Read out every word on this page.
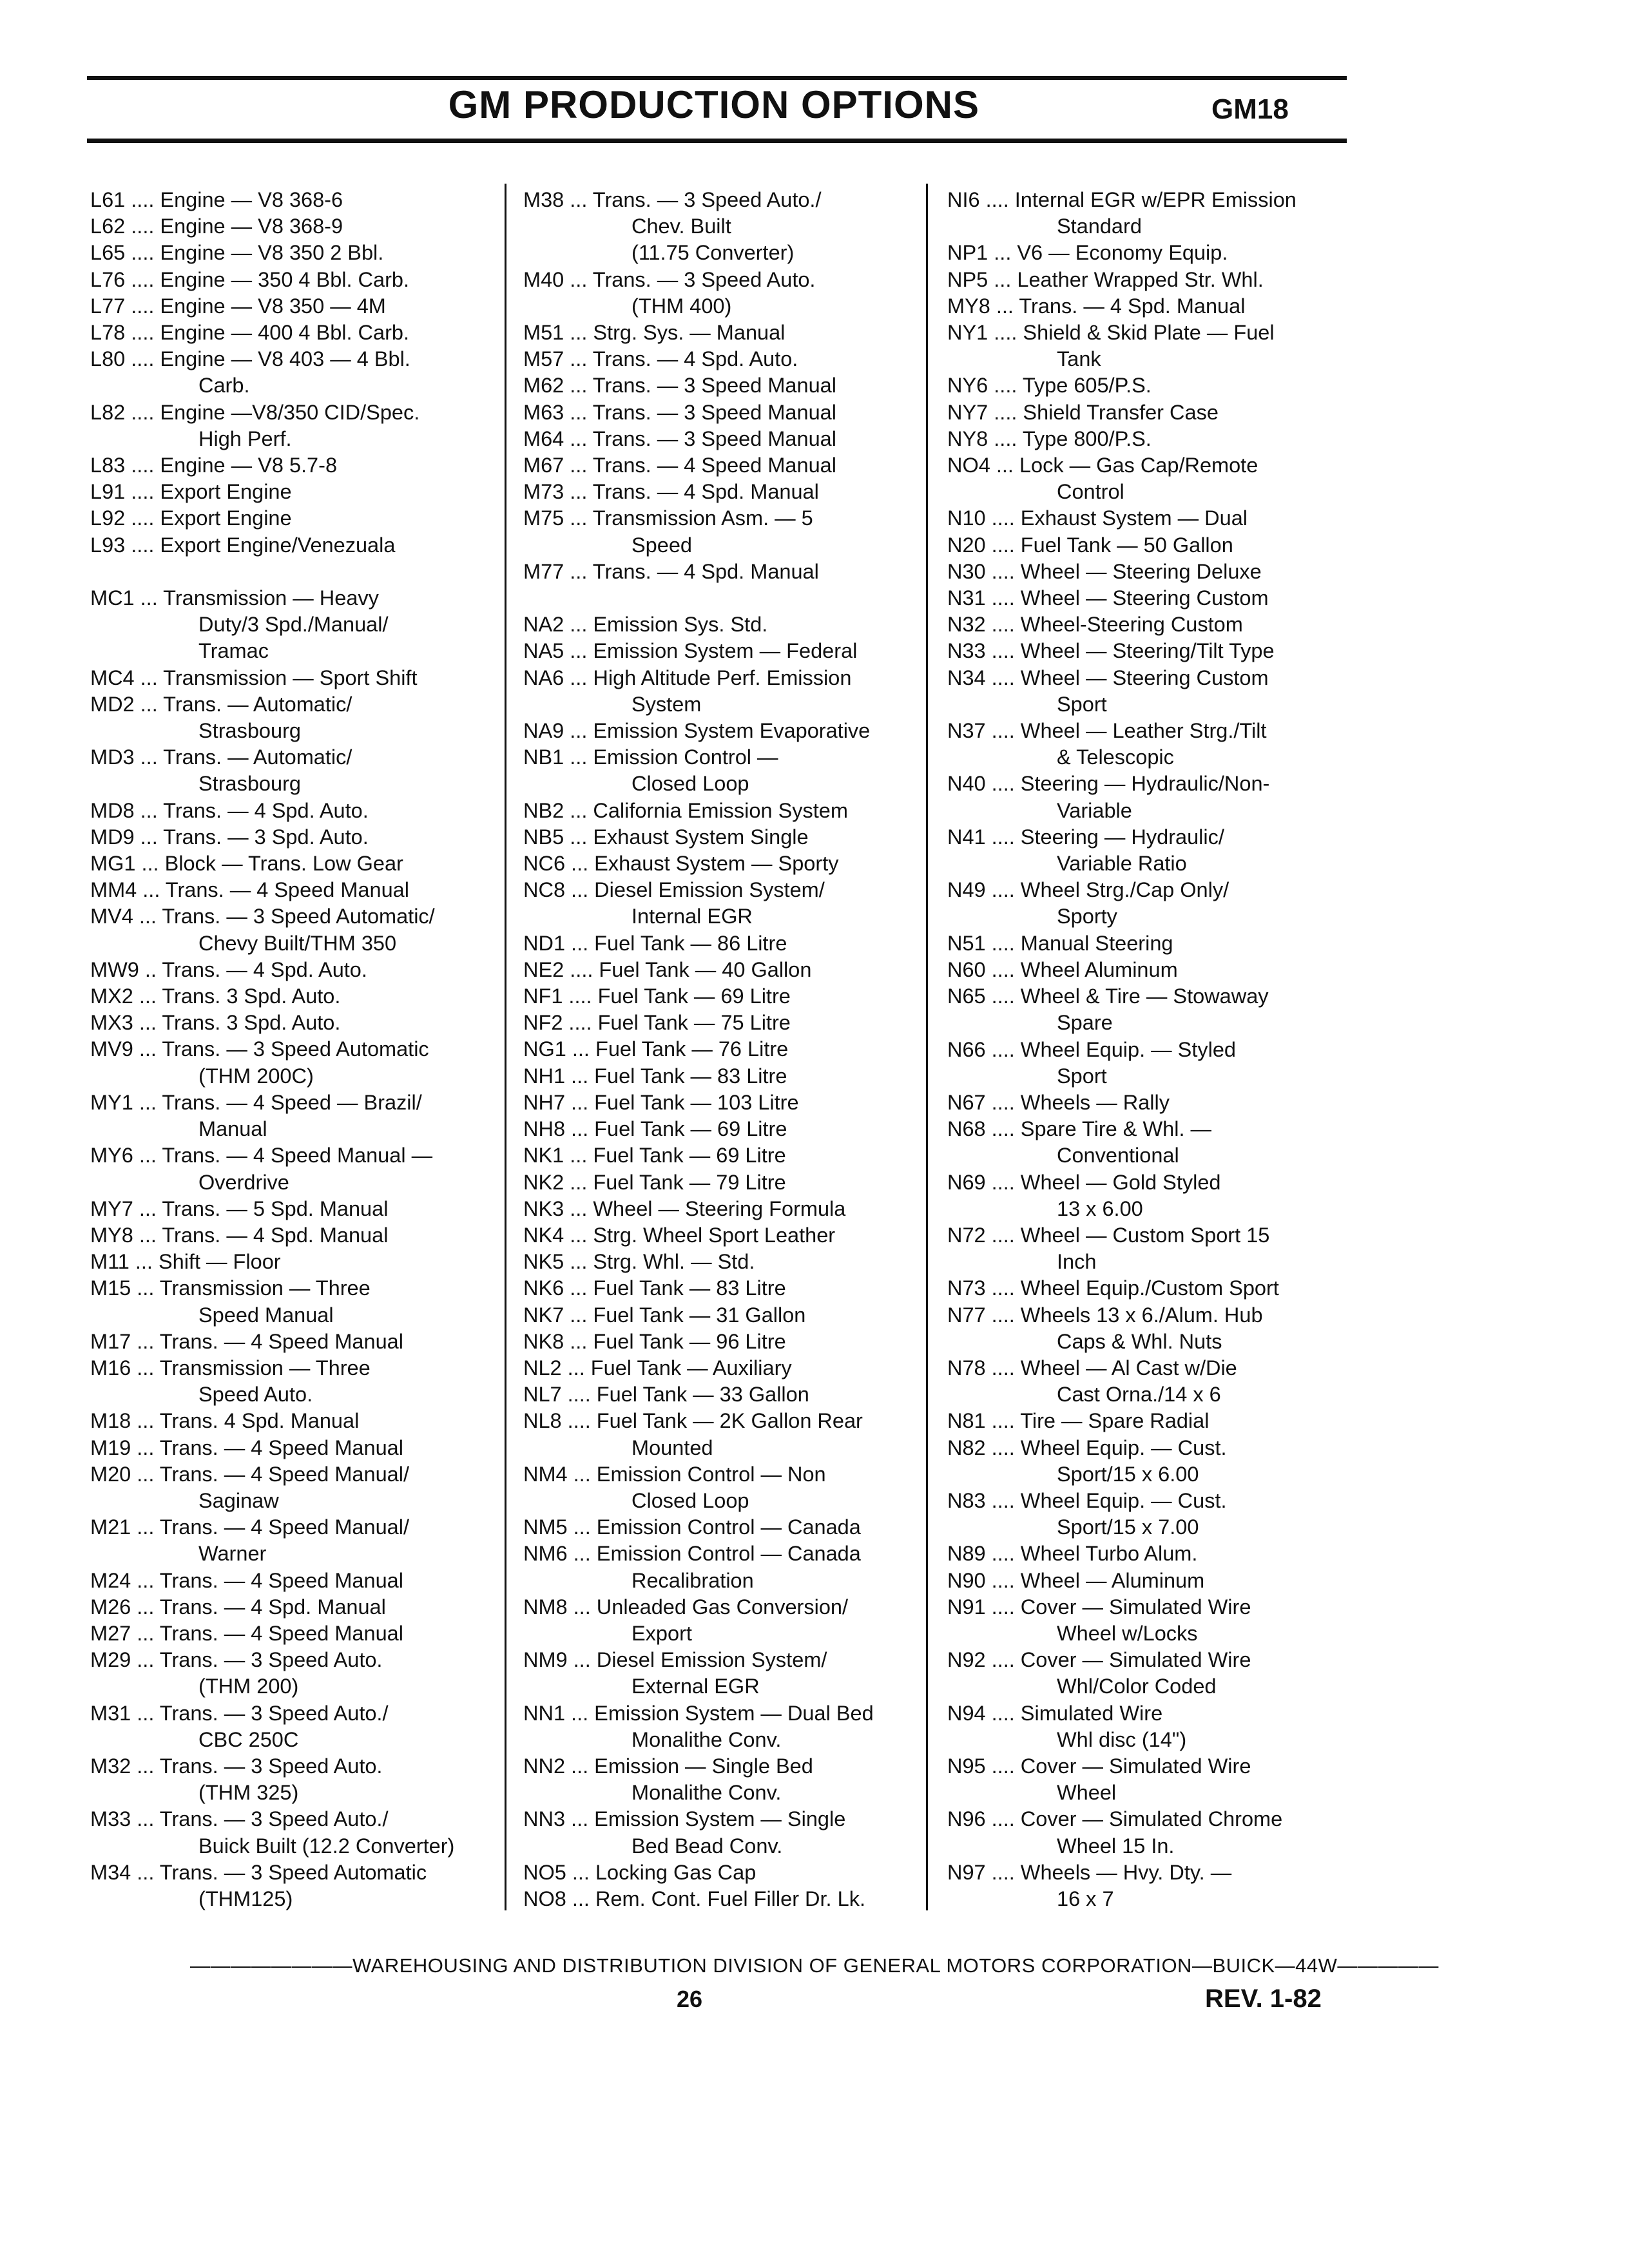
GM PRODUCTION OPTIONS	GM18
L61 .... Engine — V8 368-6
L62 .... Engine — V8 368-9
L65 .... Engine — V8 350 2 Bbl.
L76 .... Engine — 350 4 Bbl. Carb.
L77 .... Engine — V8 350 — 4M
L78 .... Engine — 400 4 Bbl. Carb.
L80 .... Engine — V8 403 — 4 Bbl.
Carb.
L82 .... Engine —V8/350 CID/Spec.
High Perf.
L83 .... Engine — V8 5.7-8
L91 .... Export Engine
L92 .... Export Engine
L93 .... Export Engine/Venezuala
MC1 ... Transmission — Heavy
Duty/3 Spd./Manual/
Tramac
MC4 ... Transmission — Sport Shift
MD2 ... Trans. — Automatic/
Strasbourg
MD3 ... Trans. — Automatic/
Strasbourg
MD8 ... Trans. — 4 Spd. Auto.
MD9 ... Trans. — 3 Spd. Auto.
MG1 ... Block — Trans. Low Gear
MM4 ... Trans. — 4 Speed Manual
MV4 ... Trans. — 3 Speed Automatic/
Chevy Built/THM 350
MW9 .. Trans. — 4 Spd. Auto.
MX2 ... Trans. 3 Spd. Auto.
MX3 ... Trans. 3 Spd. Auto.
MV9 ... Trans. — 3 Speed Automatic
(THM 200C)
MY1 ... Trans. — 4 Speed — Brazil/
Manual
MY6 ... Trans. — 4 Speed Manual —
Overdrive
MY7 ... Trans. — 5 Spd. Manual
MY8 ... Trans. — 4 Spd. Manual
M11 ... Shift — Floor
M15 ... Transmission — Three
Speed Manual
M17 ... Trans. — 4 Speed Manual
M16 ... Transmission — Three
Speed Auto.
M18 ... Trans. 4 Spd. Manual
M19 ... Trans. — 4 Speed Manual
M20 ... Trans. — 4 Speed Manual/
Saginaw
M21 ... Trans. — 4 Speed Manual/
Warner
M24 ... Trans. — 4 Speed Manual
M26 ... Trans. — 4 Spd. Manual
M27 ... Trans. — 4 Speed Manual
M29 ... Trans. — 3 Speed Auto.
(THM 200)
M31 ... Trans. — 3 Speed Auto./
CBC 250C
M32 ... Trans. — 3 Speed Auto.
(THM 325)
M33 ... Trans. — 3 Speed Auto./
Buick Built (12.2 Converter)
M34 ... Trans. — 3 Speed Automatic
(THM125)
M38 ... Trans. — 3 Speed Auto./
Chev. Built
(11.75 Converter)
M40 ... Trans. — 3 Speed Auto.
(THM 400)
M51 ... Strg. Sys. — Manual
M57 ... Trans. — 4 Spd. Auto.
M62 ... Trans. — 3 Speed Manual
M63 ... Trans. — 3 Speed Manual
M64 ... Trans. — 3 Speed Manual
M67 ... Trans. — 4 Speed Manual
M73 ... Trans. — 4 Spd. Manual
M75 ... Transmission Asm. — 5
Speed
M77 ... Trans. — 4 Spd. Manual
NA2 ... Emission Sys. Std.
NA5 ... Emission System — Federal
NA6 ... High Altitude Perf. Emission
System
NA9 ... Emission System Evaporative
NB1 ... Emission Control —
Closed Loop
NB2 ... California Emission System
NB5 ... Exhaust System Single
NC6 ... Exhaust System — Sporty
NC8 ... Diesel Emission System/
Internal EGR
ND1 ... Fuel Tank — 86 Litre
NE2 .... Fuel Tank — 40 Gallon
NF1 .... Fuel Tank — 69 Litre
NF2 .... Fuel Tank — 75 Litre
NG1 ... Fuel Tank — 76 Litre
NH1 ... Fuel Tank — 83 Litre
NH7 ... Fuel Tank — 103 Litre
NH8 ... Fuel Tank — 69 Litre
NK1 ... Fuel Tank — 69 Litre
NK2 ... Fuel Tank — 79 Litre
NK3 ... Wheel — Steering Formula
NK4 ... Strg. Wheel Sport Leather
NK5 ... Strg. Whl. — Std.
NK6 ... Fuel Tank — 83 Litre
NK7 ... Fuel Tank — 31 Gallon
NK8 ... Fuel Tank — 96 Litre
NL2 ... Fuel Tank — Auxiliary
NL7 .... Fuel Tank — 33 Gallon
NL8 .... Fuel Tank — 2K Gallon Rear
Mounted
NM4 ... Emission Control — Non
Closed Loop
NM5 ... Emission Control — Canada
NM6 ... Emission Control — Canada
Recalibration
NM8 ... Unleaded Gas Conversion/
Export
NM9 ... Diesel Emission System/
External EGR
NN1 ... Emission System — Dual Bed
Monalithe Conv.
NN2 ... Emission — Single Bed
Monalithe Conv.
NN3 ... Emission System — Single
Bed Bead Conv.
NO5 ... Locking Gas Cap
NO8 ... Rem. Cont. Fuel Filler Dr. Lk.
NI6 .... Internal EGR w/EPR Emission
Standard
NP1 ... V6 — Economy Equip.
NP5 ... Leather Wrapped Str. Whl.
MY8 ... Trans. — 4 Spd. Manual
NY1 .... Shield & Skid Plate — Fuel
Tank
NY6 .... Type 605/P.S.
NY7 .... Shield Transfer Case
NY8 .... Type 800/P.S.
NO4 ... Lock — Gas Cap/Remote
Control
N10 .... Exhaust System — Dual
N20 .... Fuel Tank — 50 Gallon
N30 .... Wheel — Steering Deluxe
N31 .... Wheel — Steering Custom
N32 .... Wheel-Steering Custom
N33 .... Wheel — Steering/Tilt Type
N34 .... Wheel — Steering Custom
Sport
N37 .... Wheel — Leather Strg./Tilt
& Telescopic
N40 .... Steering — Hydraulic/Non-
Variable
N41 .... Steering — Hydraulic/
Variable Ratio
N49 .... Wheel Strg./Cap Only/
Sporty
N51 .... Manual Steering
N60 .... Wheel Aluminum
N65 .... Wheel & Tire — Stowaway
Spare
N66 .... Wheel Equip. — Styled
Sport
N67 .... Wheels — Rally
N68 .... Spare Tire & Whl. —
Conventional
N69 .... Wheel — Gold Styled
13 x 6.00
N72 .... Wheel — Custom Sport 15
Inch
N73 .... Wheel Equip./Custom Sport
N77 .... Wheels 13 x 6./Alum. Hub
Caps & Whl. Nuts
N78 .... Wheel — Al Cast w/Die
Cast Orna./14 x 6
N81 .... Tire — Spare Radial
N82 .... Wheel Equip. — Cust.
Sport/15 x 6.00
N83 .... Wheel Equip. — Cust.
Sport/15 x 7.00
N89 .... Wheel Turbo Alum.
N90 .... Wheel — Aluminum
N91 .... Cover — Simulated Wire
Wheel w/Locks
N92 .... Cover — Simulated Wire
Whl/Color Coded
N94 .... Simulated Wire
Whl disc (14")
N95 .... Cover — Simulated Wire
Wheel
N96 .... Cover — Simulated Chrome
Wheel 15 In.
N97 .... Wheels — Hvy. Dty. —
16 x 7
————————WAREHOUSING AND DISTRIBUTION DIVISION OF GENERAL MOTORS CORPORATION—BUICK—44W—————
26	REV. 1-82
